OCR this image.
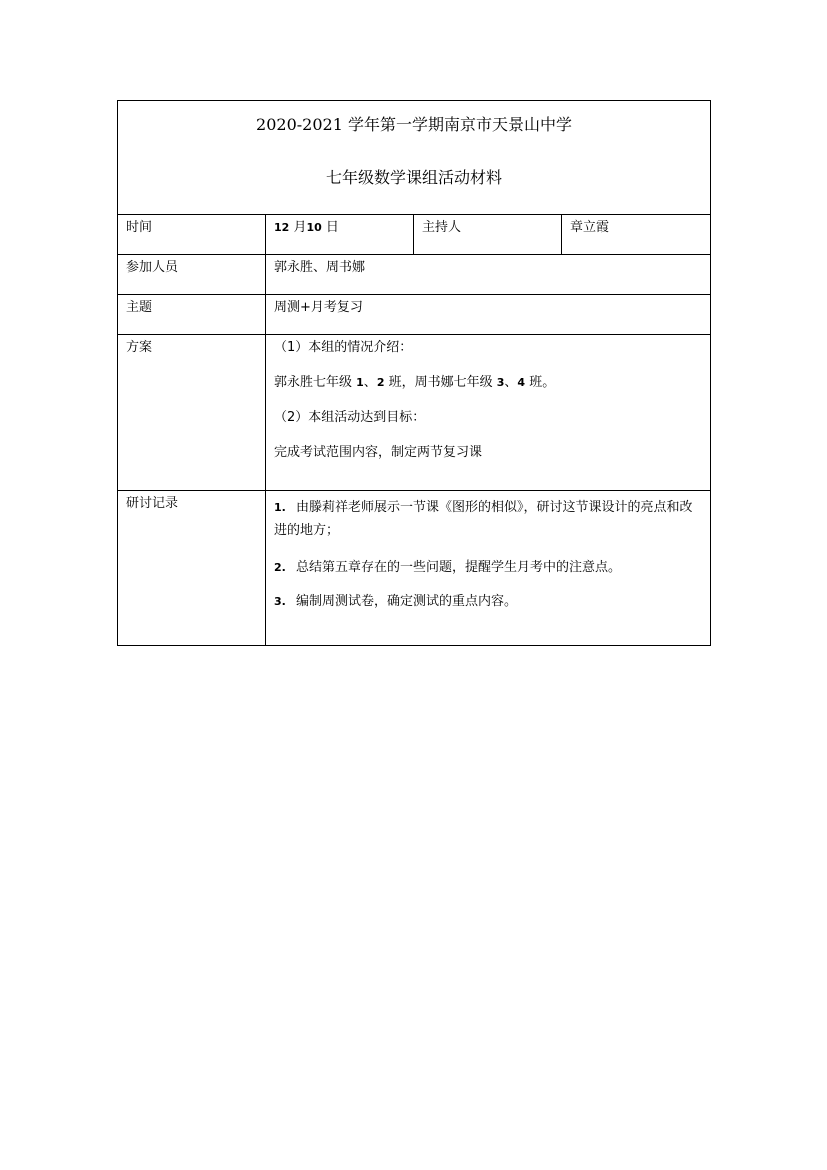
2020-2021 学年第一学期南京市天景山中学
七年级数学课组活动材料			

时间	12 月10 日	主持人	章立霞
参加人员	郭永胜、周书娜		
主题	周测+月考复习		
方案	（1）本组的情况介绍：

郭永胜七年级 1、2 班，周书娜七年级 3、4 班。

（2）本组活动达到目标：

完成考试范围内容，制定两节复习课		

研讨记录	1. 由滕莉祥老师展示一节课《图形的相似》，研讨这节课设计的亮点和改进的地方；

2. 总结第五章存在的一些问题，提醒学生月考中的注意点。

3. 编制周测试卷，确定测试的重点内容。		
